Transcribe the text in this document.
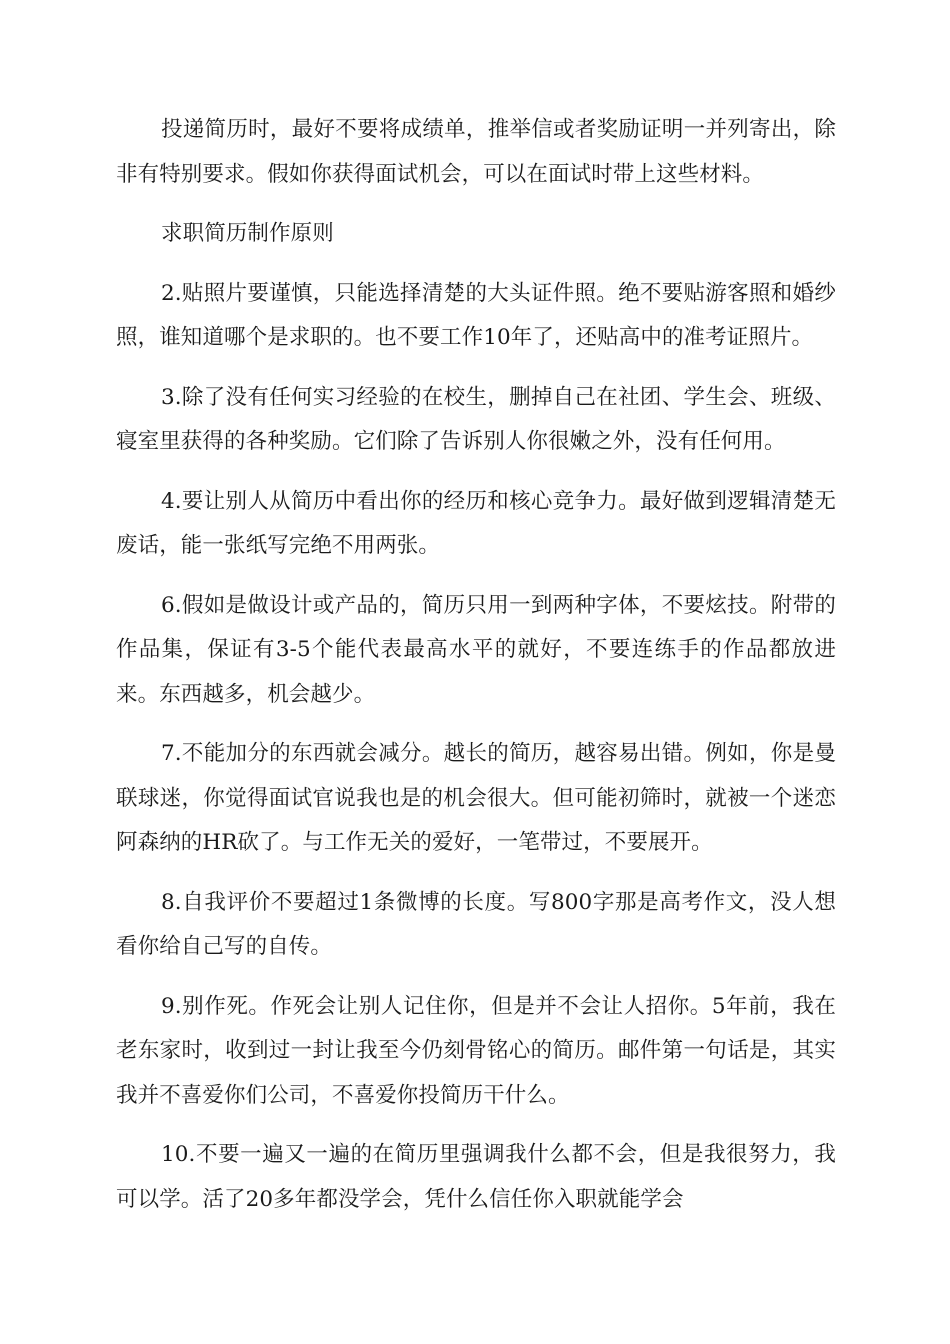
投递简历时，最好不要将成绩单，推举信或者奖励证明一并列寄出，除非有特别要求。假如你获得面试机会，可以在面试时带上这些材料。

求职简历制作原则

2.贴照片要谨慎，只能选择清楚的大头证件照。绝不要贴游客照和婚纱照，谁知道哪个是求职的。也不要工作10年了，还贴高中的准考证照片。

3.除了没有任何实习经验的在校生，删掉自己在社团、学生会、班级、寝室里获得的各种奖励。它们除了告诉别人你很嫩之外，没有任何用。

4.要让别人从简历中看出你的经历和核心竞争力。最好做到逻辑清楚无废话，能一张纸写完绝不用两张。

6.假如是做设计或产品的，简历只用一到两种字体，不要炫技。附带的作品集，保证有3-5个能代表最高水平的就好，不要连练手的作品都放进来。东西越多，机会越少。

7.不能加分的东西就会减分。越长的简历，越容易出错。例如，你是曼联球迷，你觉得面试官说我也是的机会很大。但可能初筛时，就被一个迷恋阿森纳的HR砍了。与工作无关的爱好，一笔带过，不要展开。

8.自我评价不要超过1条微博的长度。写800字那是高考作文，没人想看你给自己写的自传。

9.别作死。作死会让别人记住你，但是并不会让人招你。5年前，我在老东家时，收到过一封让我至今仍刻骨铭心的简历。邮件第一句话是，其实我并不喜爱你们公司，不喜爱你投简历干什么。

10.不要一遍又一遍的在简历里强调我什么都不会，但是我很努力，我可以学。活了20多年都没学会，凭什么信任你入职就能学会
